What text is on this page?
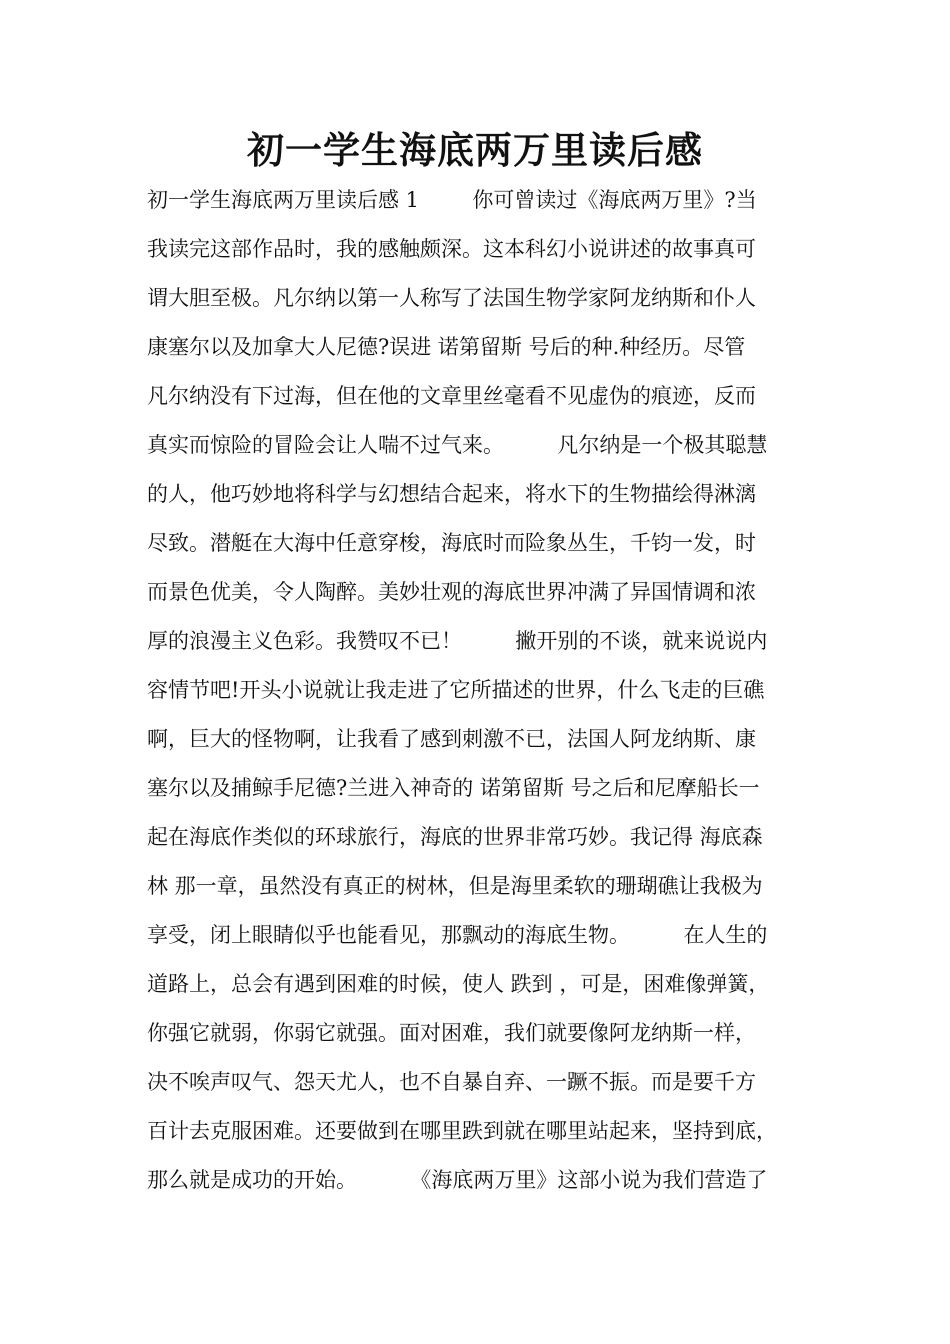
初一学生海底两万里读后感
初一学生海底两万里读后感 1        你可曾读过《海底两万里》?当
我读完这部作品时，我的感触颇深。这本科幻小说讲述的故事真可
谓大胆至极。凡尔纳以第一人称写了法国生物学家阿龙纳斯和仆人
康塞尔以及加拿大人尼德?误进 诺第留斯 号后的种.种经历。尽管
凡尔纳没有下过海，但在他的文章里丝毫看不见虚伪的痕迹，反而
真实而惊险的冒险会让人喘不过气来。        凡尔纳是一个极其聪慧
的人，他巧妙地将科学与幻想结合起来，将水下的生物描绘得淋漓
尽致。潜艇在大海中任意穿梭，海底时而险象丛生，千钧一发，时
而景色优美，令人陶醉。美妙壮观的海底世界冲满了异国情调和浓
厚的浪漫主义色彩。我赞叹不已！        撇开别的不谈，就来说说内
容情节吧!开头小说就让我走进了它所描述的世界，什么飞走的巨礁
啊，巨大的怪物啊，让我看了感到刺激不已，法国人阿龙纳斯、康
塞尔以及捕鲸手尼德?兰进入神奇的 诺第留斯 号之后和尼摩船长一
起在海底作类似的环球旅行，海底的世界非常巧妙。我记得 海底森
林 那一章，虽然没有真正的树林，但是海里柔软的珊瑚礁让我极为
享受，闭上眼睛似乎也能看见，那飘动的海底生物。        在人生的
道路上，总会有遇到困难的时候，使人 跌到 ，可是，困难像弹簧，
你强它就弱，你弱它就强。面对困难，我们就要像阿龙纳斯一样，
决不唉声叹气、怨天尤人，也不自暴自弃、一蹶不振。而是要千方
百计去克服困难。还要做到在哪里跌到就在哪里站起来，坚持到底，
那么就是成功的开始。        《海底两万里》这部小说为我们营造了
